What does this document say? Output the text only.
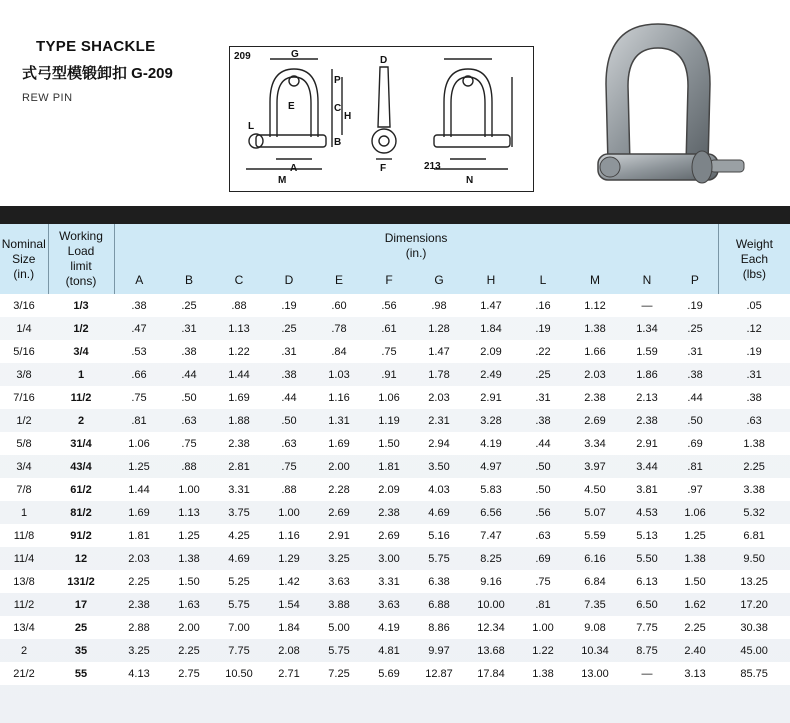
TYPE SHACKLE
式弓型模锻卸扣 G-209
REW PIN
209
213
G
P
E	C
H
L
B
A
M
D
F
N
Nominal
Size
(in.)	Working
Load
limit
(tons)	Dimensions
(in.)												Weight
Each
(lbs)
		A	B	C	D	E	F	G	H	L	M	N	P	
3/16	1/3	.38	.25	.88	.19	.60	.56	.98	1.47	.16	1.12	—	.19	.05
1/4	1/2	.47	.31	1.13	.25	.78	.61	1.28	1.84	.19	1.38	1.34	.25	.12
5/16	3/4	.53	.38	1.22	.31	.84	.75	1.47	2.09	.22	1.66	1.59	.31	.19
3/8	1	.66	.44	1.44	.38	1.03	.91	1.78	2.49	.25	2.03	1.86	.38	.31
7/16	11/2	.75	.50	1.69	.44	1.16	1.06	2.03	2.91	.31	2.38	2.13	.44	.38
1/2	2	.81	.63	1.88	.50	1.31	1.19	2.31	3.28	.38	2.69	2.38	.50	.63
5/8	31/4	1.06	.75	2.38	.63	1.69	1.50	2.94	4.19	.44	3.34	2.91	.69	1.38
3/4	43/4	1.25	.88	2.81	.75	2.00	1.81	3.50	4.97	.50	3.97	3.44	.81	2.25
7/8	61/2	1.44	1.00	3.31	.88	2.28	2.09	4.03	5.83	.50	4.50	3.81	.97	3.38
1	81/2	1.69	1.13	3.75	1.00	2.69	2.38	4.69	6.56	.56	5.07	4.53	1.06	5.32
11/8	91/2	1.81	1.25	4.25	1.16	2.91	2.69	5.16	7.47	.63	5.59	5.13	1.25	6.81
11/4	12	2.03	1.38	4.69	1.29	3.25	3.00	5.75	8.25	.69	6.16	5.50	1.38	9.50
13/8	131/2	2.25	1.50	5.25	1.42	3.63	3.31	6.38	9.16	.75	6.84	6.13	1.50	13.25
11/2	17	2.38	1.63	5.75	1.54	3.88	3.63	6.88	10.00	.81	7.35	6.50	1.62	17.20
13/4	25	2.88	2.00	7.00	1.84	5.00	4.19	8.86	12.34	1.00	9.08	7.75	2.25	30.38
2	35	3.25	2.25	7.75	2.08	5.75	4.81	9.97	13.68	1.22	10.34	8.75	2.40	45.00
21/2	55	4.13	2.75	10.50	2.71	7.25	5.69	12.87	17.84	1.38	13.00	—	3.13	85.75
